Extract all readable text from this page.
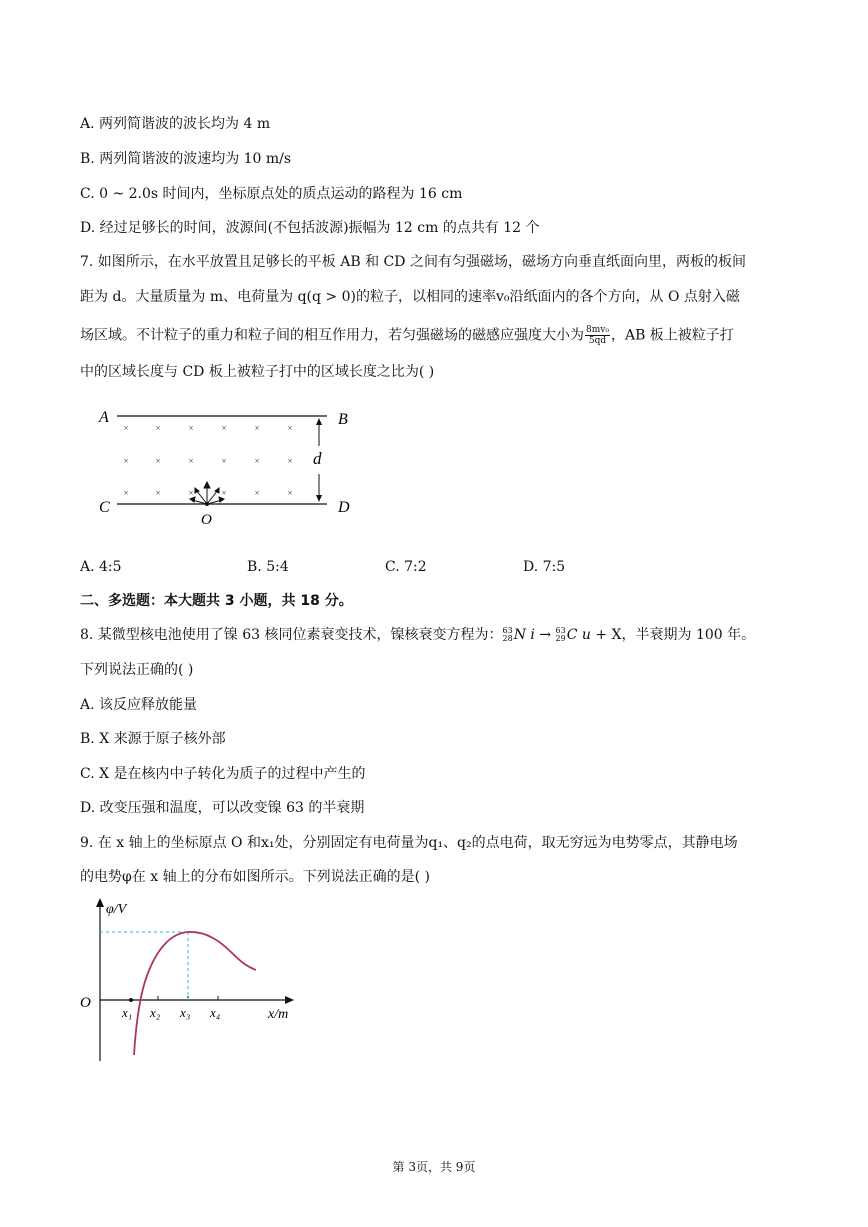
A. 两列简谐波的波长均为 4 m
B. 两列简谐波的波速均为 10 m/s
C. 0 ~ 2.0s 时间内，坐标原点处的质点运动的路程为 16 cm
D. 经过足够长的时间，波源间(不包括波源)振幅为 12 cm 的点共有 12 个
7. 如图所示，在水平放置且足够长的平板 AB 和 CD 之间有匀强磁场，磁场方向垂直纸面向里，两板的板间
距为 d。大量质量为 m、电荷量为 q(q > 0)的粒子，以相同的速率v₀沿纸面内的各个方向，从 O 点射入磁
场区域。不计粒子的重力和粒子间的相互作用力，若匀强磁场的磁感应强度大小为 $\frac{\text{8mv₀}}{5qd}$ ，AB 板上被粒子打
中的区域长度与 CD 板上被粒子打中的区域长度之比为( )
A	B
C	D
O
d
×	×	×	×	×	×
×	×	×	×	×	×
×	×	×	×	×	×
A. 4:5	B. 5:4	C. 7:2	D. 7:5
二、多选题：本大题共 3 小题，共 18 分。
8. 某微型核电池使用了镍 63 核同位素衰变技术，镍核衰变方程为： 63
28 N i → 63
29 C u + X，半衰期为 100 年。
下列说法正确的( )
A. 该反应释放能量
B. X 来源于原子核外部
C. X 是在核内中子转化为质子的过程中产生的
D. 改变压强和温度，可以改变镍 63 的半衰期
9. 在 x 轴上的坐标原点 O 和x₁处，分别固定有电荷量为q₁、q₂的点电荷，取无穷远为电势零点，其静电场
的电势φ在 x 轴上的分布如图所示。下列说法正确的是( )
φ/V
x/m
O
x₁ x₂ x₃ x₄
第 3页，共 9页
